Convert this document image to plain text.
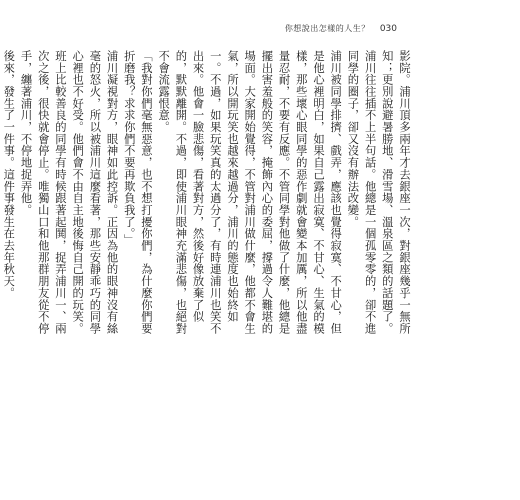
你想說出怎樣的人生？ 030

影院。浦川頂多兩年才去銀座一次，對銀座幾乎一無所知；更別說避暑勝地、滑雪場、溫泉區之類的話題了。浦川往往插不上半句話。他總是一個孤零零的，卻不進同學的圈子，卻又沒有辦法改變。

浦川被同學排擠、戲弄，應該也覺得寂寞、不甘心，但是他心裡明白，如果自己露出寂寞、不甘心、生氣的模樣，那些壞心眼同學的惡作劇就會變本加厲，所以他盡量忍耐，不要有反應。不管同學對他做了什麼，他總是擺出害羞般的笑容，掩飾內心的委屈，撐過令人難堪的場面。大家開始覺得，不管對浦川做什麼，他都不會生氣，所以開玩笑也越來越過分，浦川的態度也始終如一。不過，如果玩笑真的太過分了，有時連浦川也笑不出來。他會一臉悲傷，看著對方，然後好像放棄了似的，默默離開。不過，即使浦川眼神充滿悲傷，也絕對不會流露恨意。

「我對你們毫無惡意，也不想打擾你們，為什麼你們要折磨我？求求你們不要再欺負我了。」

浦川凝視對方，眼神如此控訴。正因為他的眼神沒有絲毫的怒火，所以被浦川這麼看著，那些安靜乖巧的同學心裡也不好受。他們會不由自主地後悔自己開的玩笑。班上比較善良的同學有時候跟著起鬨，捉弄浦川一、兩次之後，很快就會停止。唯獨山口和他那群朋友從不停手，纏著浦川，不停地捉弄他。

後來，發生了一件事。這件事發生在去年秋天。
